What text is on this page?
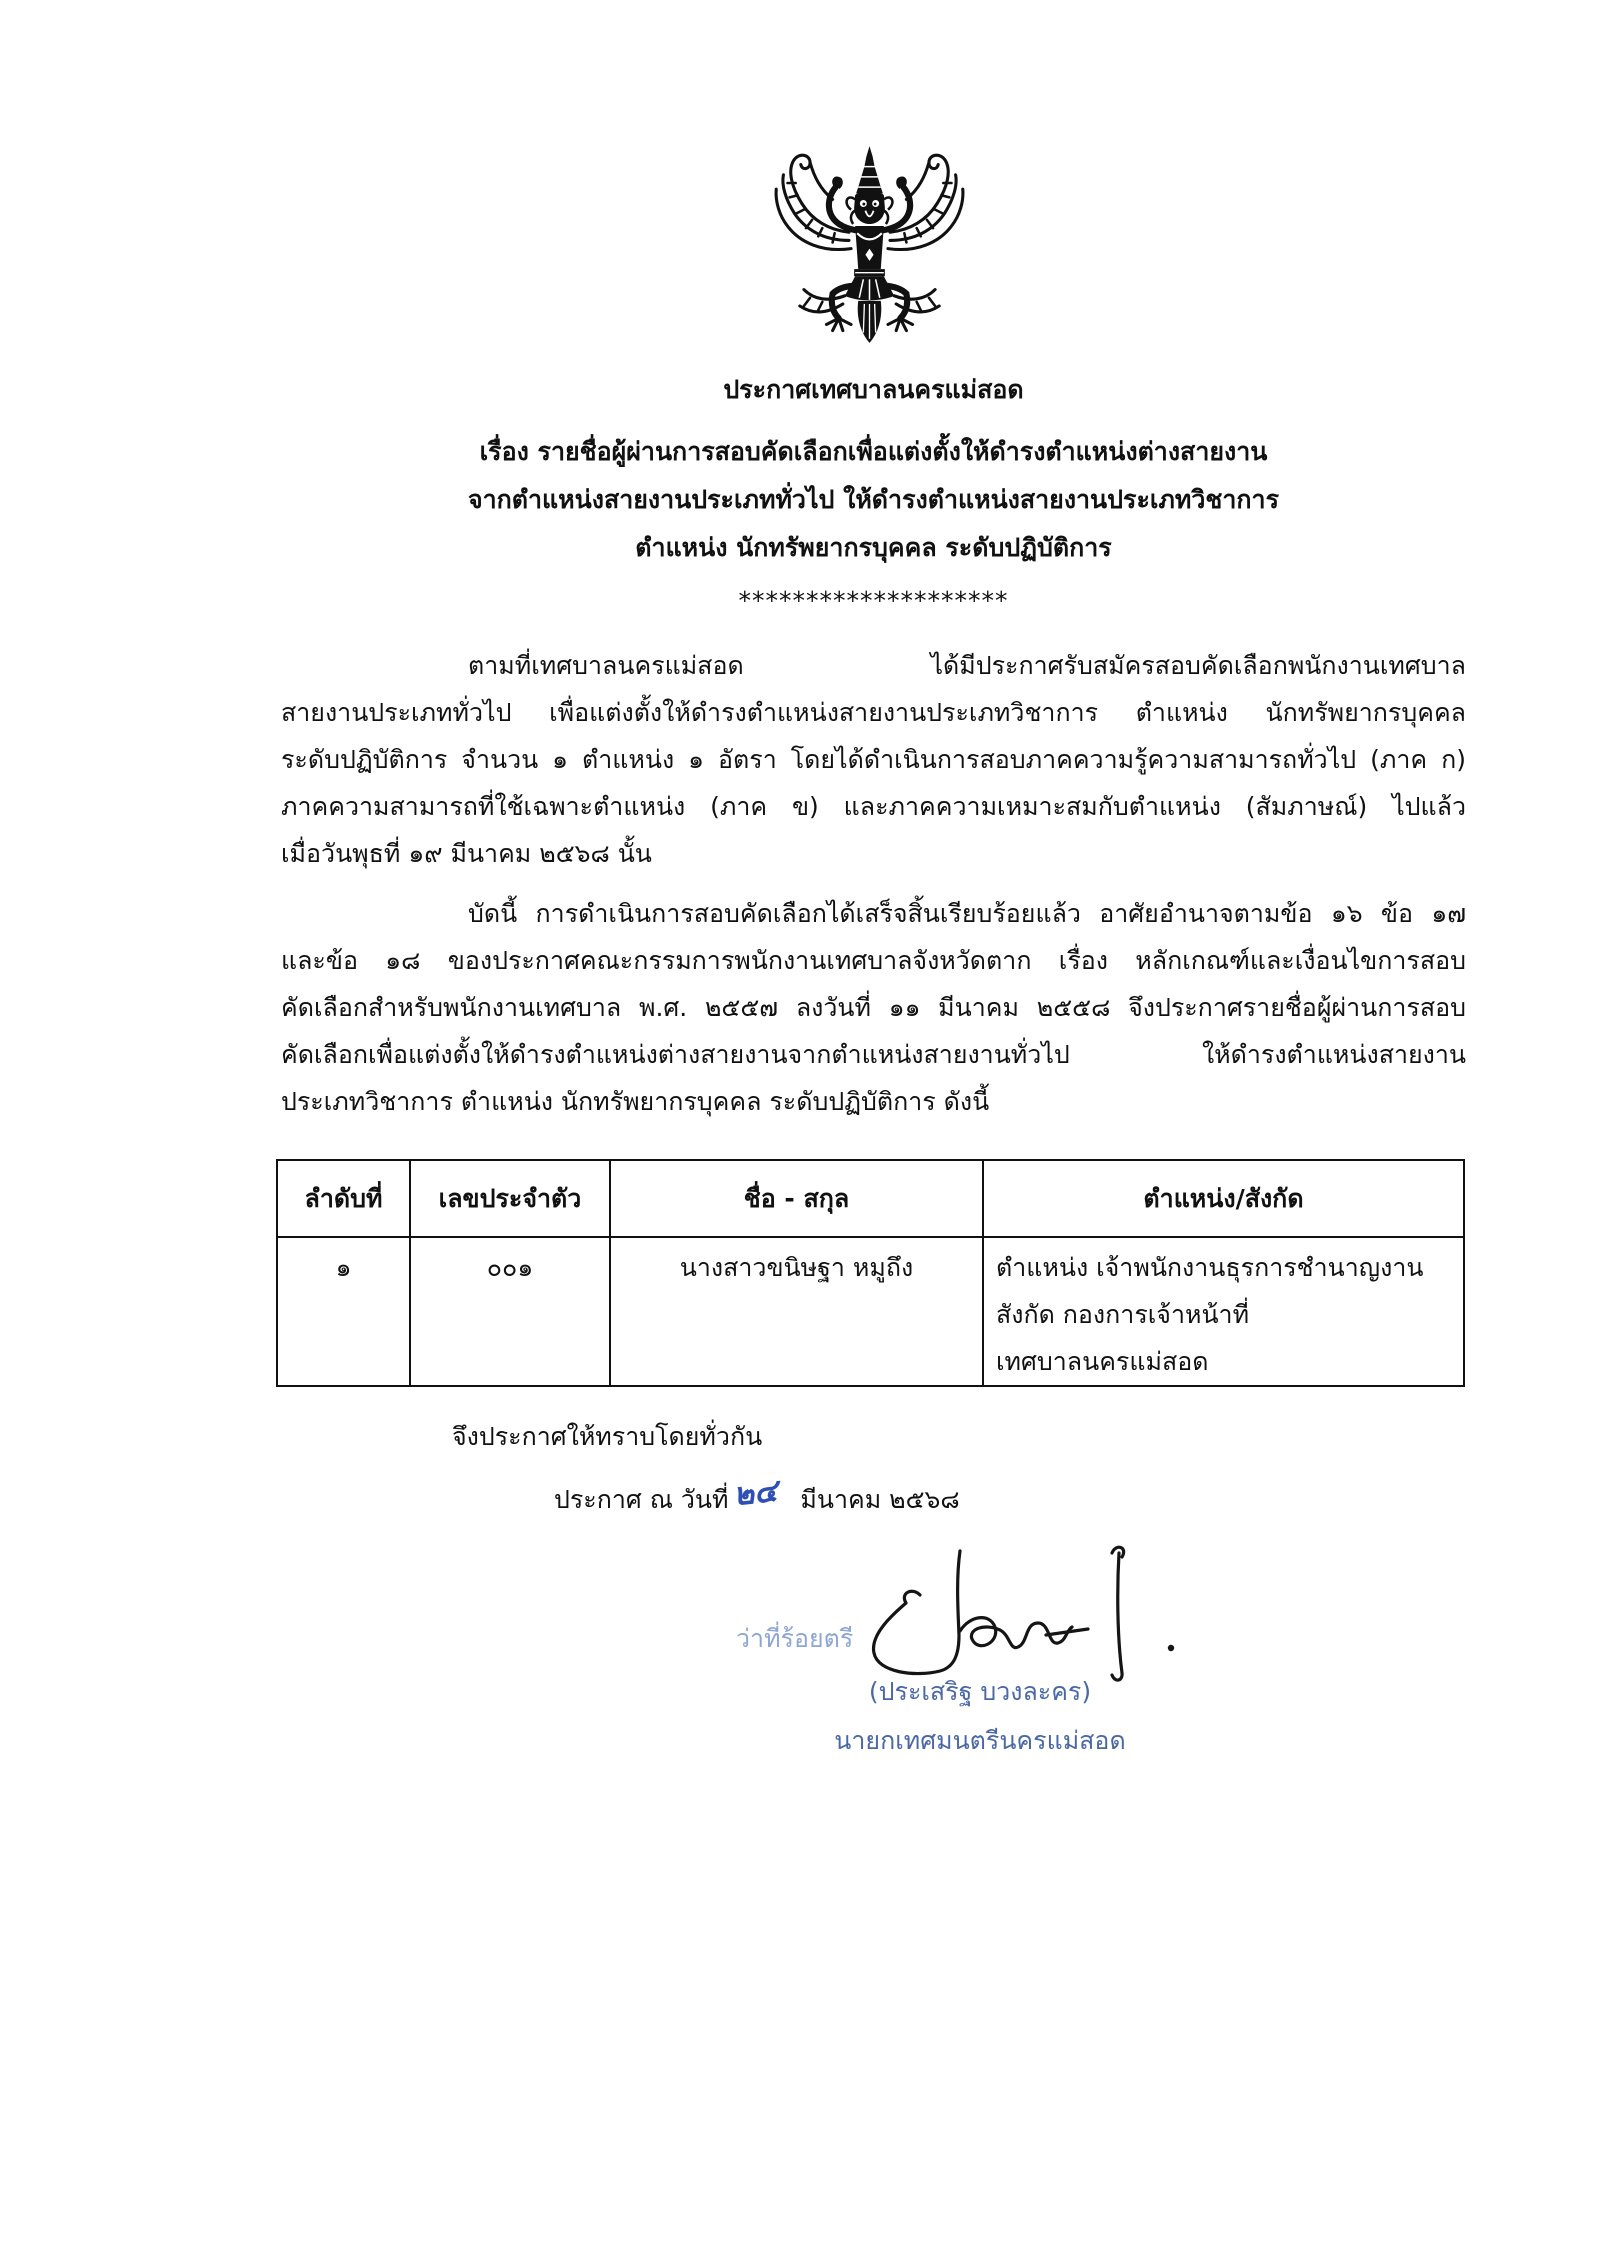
ประกาศเทศบาลนครแม่สอด
เรื่อง รายชื่อผู้ผ่านการสอบคัดเลือกเพื่อแต่งตั้งให้ดำรงตำแหน่งต่างสายงาน
จากตำแหน่งสายงานประเภททั่วไป ให้ดำรงตำแหน่งสายงานประเภทวิชาการ
ตำแหน่ง นักทรัพยากรบุคคล ระดับปฏิบัติการ
********************
ตามที่เทศบาลนครแม่สอด ได้มีประกาศรับสมัครสอบคัดเลือกพนักงานเทศบาล
สายงานประเภททั่วไป เพื่อแต่งตั้งให้ดำรงตำแหน่งสายงานประเภทวิชาการ ตำแหน่ง นักทรัพยากรบุคคล
ระดับปฏิบัติการ จำนวน ๑ ตำแหน่ง ๑ อัตรา โดยได้ดำเนินการสอบภาคความรู้ความสามารถทั่วไป (ภาค ก)
ภาคความสามารถที่ใช้เฉพาะตำแหน่ง (ภาค ข) และภาคความเหมาะสมกับตำแหน่ง (สัมภาษณ์) ไปแล้ว
เมื่อวันพุธที่ ๑๙ มีนาคม ๒๕๖๘ นั้น
บัดนี้ การดำเนินการสอบคัดเลือกได้เสร็จสิ้นเรียบร้อยแล้ว อาศัยอำนาจตามข้อ ๑๖ ข้อ ๑๗
และข้อ ๑๘ ของประกาศคณะกรรมการพนักงานเทศบาลจังหวัดตาก เรื่อง หลักเกณฑ์และเงื่อนไขการสอบ
คัดเลือกสำหรับพนักงานเทศบาล พ.ศ. ๒๕๕๗ ลงวันที่ ๑๑ มีนาคม ๒๕๕๘ จึงประกาศรายชื่อผู้ผ่านการสอบ
คัดเลือกเพื่อแต่งตั้งให้ดำรงตำแหน่งต่างสายงานจากตำแหน่งสายงานทั่วไป ให้ดำรงตำแหน่งสายงาน
ประเภทวิชาการ ตำแหน่ง นักทรัพยากรบุคคล ระดับปฏิบัติการ ดังนี้
ลำดับที่	เลขประจำตัว	ชื่อ - สกุล	ตำแหน่ง/สังกัด

๑	๐๐๑	นางสาวขนิษฐา หมูถึง	ตำแหน่ง เจ้าพนักงานธุรการชำนาญงาน
สังกัด กองการเจ้าหน้าที่
เทศบาลนครแม่สอด
จึงประกาศให้ทราบโดยทั่วกัน
ประกาศ ณ วันที่ ๒๔ มีนาคม ๒๕๖๘
ว่าที่ร้อยตรี
(ประเสริฐ บวงละคร)
นายกเทศมนตรีนครแม่สอด
